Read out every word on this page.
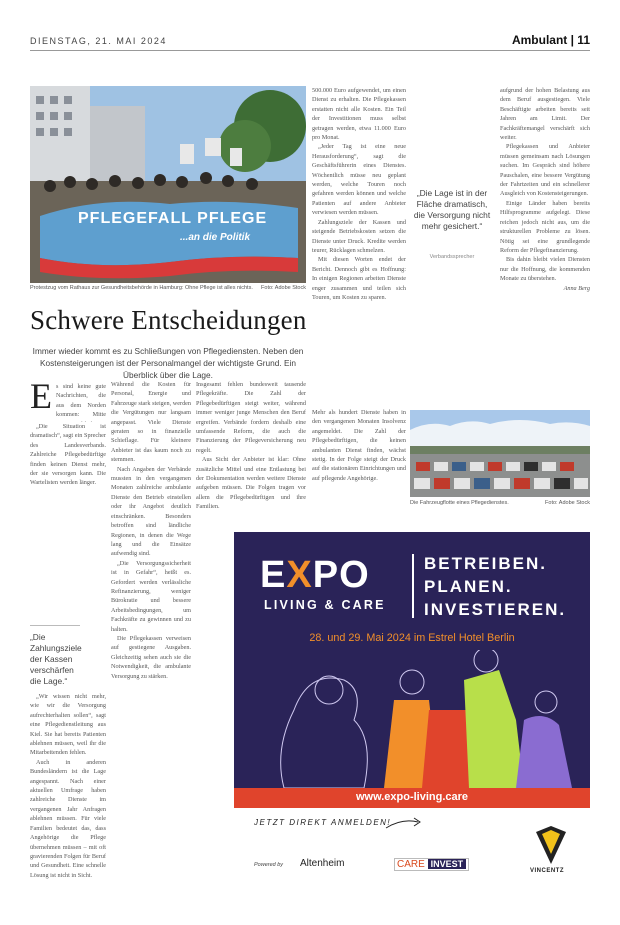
DIENSTAG, 21. MAI 2024	Ambulant | 11
PFLEGEFALL PFLEGE
...an die Politik
Protestzug vom Rathaus zur Gesundheitsbehörde in Hamburg: Ohne Pflege ist alles nichts. Foto: Adobe Stock
Schwere Entscheidungen
Immer wieder kommt es zu Schließungen von Pflegediensten. Neben den Kostensteigerungen ist der Personalmangel der wichtigste Grund. Ein Überblick über die Lage.
E s sind keine gute Nachrichten, die aus dem Norden kommen: Mitte

„Die Situation ist dramatisch“, sagt ein Sprecher des Landesverbands. Zahlreiche Pflegebedürftige finden keinen Dienst mehr, der sie versorgen kann. Die Wartelisten werden länger.

„Die Zahlungsziele der Kassen verschärfen die Lage.“

„Wir wissen nicht mehr, wie wir die Versorgung aufrechterhalten sollen“, sagt eine Pflegedienstleitung aus Kiel. Sie hat bereits Patienten ablehnen müssen, weil ihr die Mitarbeitenden fehlen.

Auch in anderen Bundesländern ist die Lage angespannt. Nach einer aktuellen Umfrage haben zahlreiche Dienste im vergangenen Jahr Anfragen ablehnen müssen. Für viele Familien bedeutet das, dass Angehörige die Pflege übernehmen müssen – mit oft gravierenden Folgen für Beruf und Gesundheit. Eine schnelle Lösung ist nicht in Sicht.

Während die Kosten für Personal, Energie und Fahrzeuge stark steigen, werden die Vergütungen nur langsam angepasst. Viele Dienste geraten so in finanzielle Schieflage. Für kleinere Anbieter ist das kaum noch zu stemmen.

Nach Angaben der Verbände mussten in den vergangenen Monaten zahlreiche ambulante Dienste den Betrieb einstellen oder ihr Angebot deutlich einschränken. Besonders betroffen sind ländliche Regionen, in denen die Wege lang und die Einsätze aufwendig sind.

„Die Versorgungssicherheit ist in Gefahr“, heißt es. Gefordert werden verlässliche Refinanzierung, weniger Bürokratie und bessere Arbeitsbedingungen, um Fachkräfte zu gewinnen und zu halten.

Die Pflegekassen verweisen auf gestiegene Ausgaben. Gleichzeitig sehen auch sie die Notwendigkeit, die ambulante Versorgung zu stärken.

Insgesamt fehlen bundesweit tausende Pflegekräfte. Die Zahl der Pflegebedürftigen steigt weiter, während immer weniger junge Menschen den Beruf ergreifen. Verbände fordern deshalb eine umfassende Reform, die auch die Finanzierung der Pflegeversicherung neu regelt.

Aus Sicht der Anbieter ist klar: Ohne zusätzliche Mittel und eine Entlastung bei der Dokumentation werden weitere Dienste aufgeben müssen. Die Folgen tragen vor allem die Pflegebedürftigen und ihre Familien.

500.000 Euro aufgewendet, um einen Dienst zu erhalten. Die Pflegekassen erstatten nicht alle Kosten. Ein Teil der Investitionen muss selbst getragen werden, etwa 11.000 Euro pro Monat.

„Jeder Tag ist eine neue Herausforderung“, sagt die Geschäftsführerin eines Dienstes. Wöchentlich müsse neu geplant werden, welche Touren noch gefahren werden können und welche Patienten auf andere Anbieter verwiesen werden müssen.

Zahlungsziele der Kassen und steigende Betriebskosten setzen die Dienste unter Druck. Kredite werden teurer, Rücklagen schmelzen.

Mit diesen Worten endet der Bericht. Dennoch gibt es Hoffnung: In einigen Regionen arbeiten Dienste enger zusammen und teilen sich Touren, um Kosten zu sparen.

Mehr als hundert Dienste haben in den vergangenen Monaten Insolvenz angemeldet. Die Zahl der Pflegebedürftigen, die keinen ambulanten Dienst finden, wächst stetig. In der Folge steigt der Druck auf die stationären Einrichtungen und auf pflegende Angehörige.

„Die Lage ist in der Fläche dramatisch, die Versorgung nicht mehr gesichert.“
Verbandssprecher

aufgrund der hohen Belastung aus dem Beruf ausgestiegen. Viele Beschäftigte arbeiten bereits seit Jahren am Limit. Der Fachkräftemangel verschärft sich weiter.

Pflegekassen und Anbieter müssen gemeinsam nach Lösungen suchen. Im Gespräch sind höhere Pauschalen, eine bessere Vergütung der Fahrtzeiten und ein schnellerer Ausgleich von Kostensteigerungen.

Einige Länder haben bereits Hilfsprogramme aufgelegt. Diese reichen jedoch nicht aus, um die strukturellen Probleme zu lösen. Nötig sei eine grundlegende Reform der Pflegefinanzierung.

Bis dahin bleibt vielen Diensten nur die Hoffnung, die kommenden Monate zu überstehen.

Anna Berg

Die Fahrzeugflotte eines Pflegedienstes.	Foto: Adobe Stock
EXPO
LIVING & CARE
BETREIBEN.
PLANEN.
INVESTIEREN.
28. und 29. Mai 2024 im Estrel Hotel Berlin
www.expo-living.care
JETZT DIREKT ANMELDEN!
Powered by Altenheim	CARE INVEST
VINCENTZ
